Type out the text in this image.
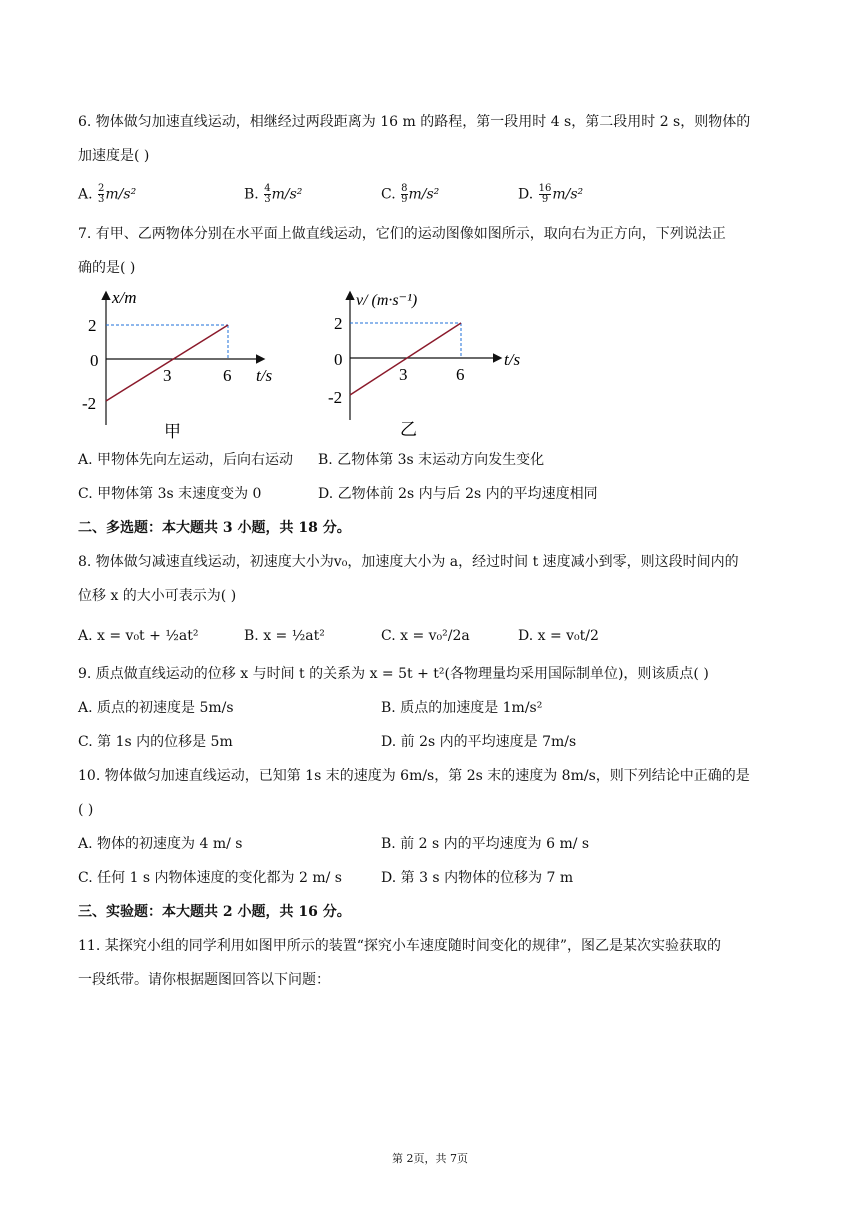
6. 物体做匀加速直线运动，相继经过两段距离为 16 m 的路程，第一段用时 4 s，第二段用时 2 s，则物体的
加速度是( )
A. $\frac{2}{3} m/s^2$	B. $\frac{4}{3} m/s^2$	C. $\frac{8}{9} m/s^2$	D. $\frac{16}{9} m/s^2$
7. 有甲、乙两物体分别在水平面上做直线运动，它们的运动图像如图所示，取向右为正方向，下列说法正
确的是( )
x/m
2
0
-2
3	6 t/s
甲
v/ (m·s⁻¹)
2
0
-2
3	6
t/s
乙
A. 甲物体先向左运动，后向右运动 B. 乙物体第 3s 末运动方向发生变化
C. 甲物体第 3s 末速度变为 0	D. 乙物体前 2s 内与后 2s 内的平均速度相同
二、多选题：本大题共 3 小题，共 18 分。
8. 物体做匀减速直线运动，初速度大小为v₀，加速度大小为 a，经过时间 t 速度减小到零，则这段时间内的
位移 x 的大小可表示为( )
A. x = v₀t + ½at²	B. x = ½at²	C. x = v₀²/2a	D. x = v₀t/2
9. 质点做直线运动的位移 x 与时间 t 的关系为 x = 5t + t²(各物理量均采用国际制单位)，则该质点( )
A. 质点的初速度是 5m/s	B. 质点的加速度是 1m/s²
C. 第 1s 内的位移是 5m	D. 前 2s 内的平均速度是 7m/s
10. 物体做匀加速直线运动，已知第 1s 末的速度为 6m/s，第 2s 末的速度为 8m/s，则下列结论中正确的是
( )
A. 物体的初速度为 4 m/ s	B. 前 2 s 内的平均速度为 6 m/ s
C. 任何 1 s 内物体速度的变化都为 2 m/ s	D. 第 3 s 内物体的位移为 7 m
三、实验题：本大题共 2 小题，共 16 分。
11. 某探究小组的同学利用如图甲所示的装置“探究小车速度随时间变化的规律”，图乙是某次实验获取的
一段纸带。请你根据题图回答以下问题：
第 2页，共 7页
